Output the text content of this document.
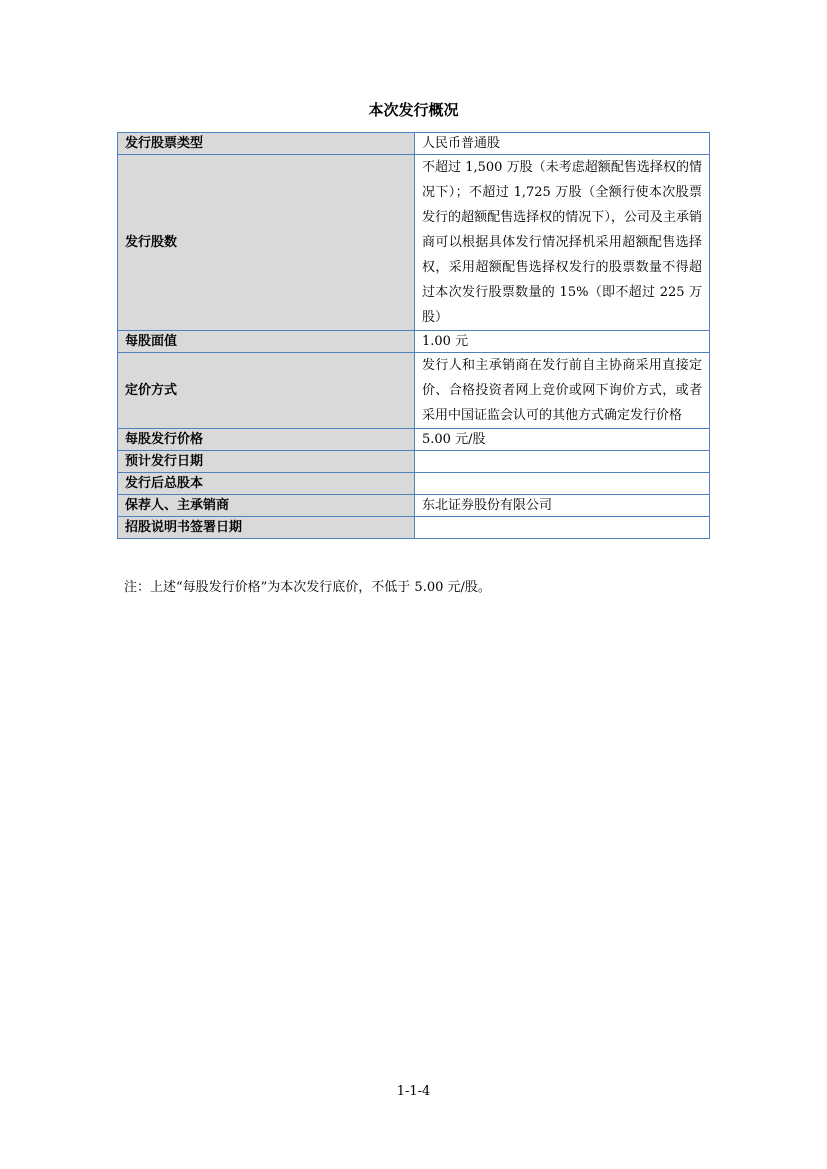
本次发行概况
发行股票类型	人民币普通股
发行股数	不超过 1,500 万股（未考虑超额配售选择权的情况下）；不超过 1,725 万股（全额行使本次股票发行的超额配售选择权的情况下），公司及主承销商可以根据具体发行情况择机采用超额配售选择权，采用超额配售选择权发行的股票数量不得超过本次发行股票数量的 15%（即不超过 225 万股）
每股面值	1.00 元
定价方式	发行人和主承销商在发行前自主协商采用直接定价、合格投资者网上竞价或网下询价方式，或者采用中国证监会认可的其他方式确定发行价格
每股发行价格	5.00 元/股
预计发行日期	
发行后总股本	
保荐人、主承销商	东北证券股份有限公司
招股说明书签署日期	
注：上述“每股发行价格”为本次发行底价，不低于 5.00 元/股。
1-1-4
